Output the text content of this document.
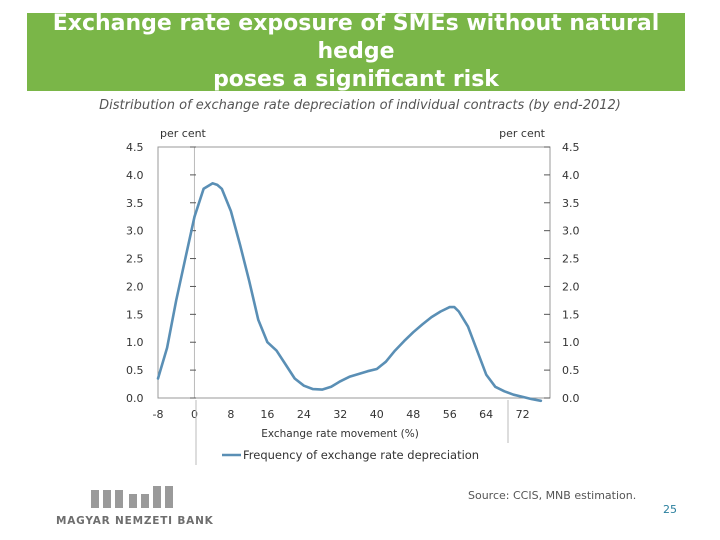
Exchange rate exposure of SMEs without natural hedge
poses a significant risk
Distribution of exchange rate depreciation of individual contracts (by end-2012)
4.5	4.5
4.0	4.0
3.5	3.5
3.0	3.0
2.5	2.5
2.0	2.0
1.5	1.5
1.0	1.0
0.5	0.5
0.0	0.0
-8 0	8 16 24 32 40 48 56 64 72
per cent	per cent
Exchange rate movement (%)
Frequency of exchange rate depreciation
MAGYAR NEMZETI BANK
Source: CCIS, MNB estimation.
25
